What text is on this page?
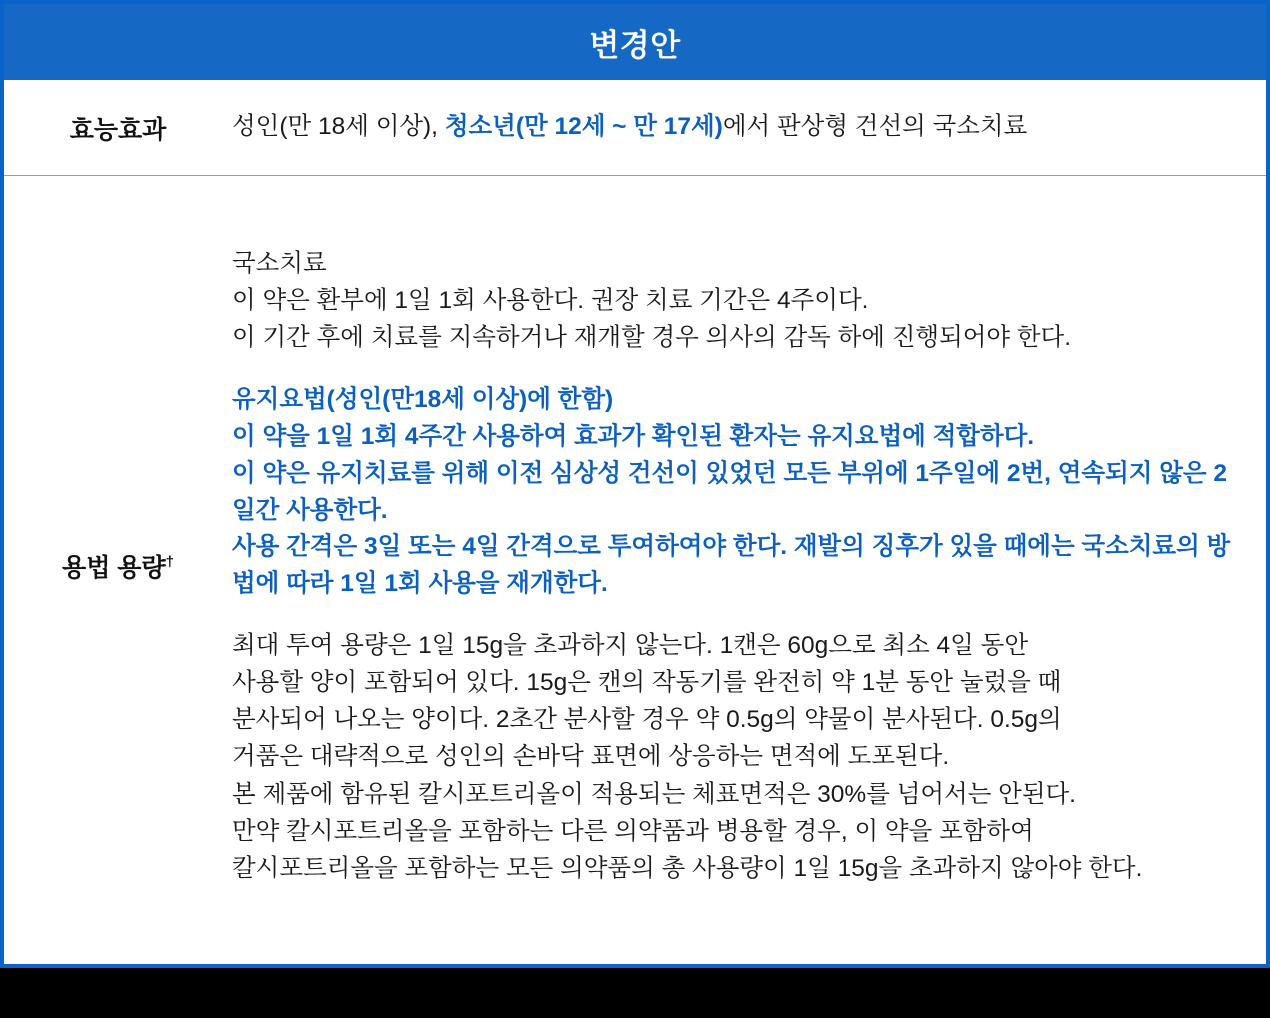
변경안
효능효과	성인(만 18세 이상), 청소년(만 12세 ~ 만 17세)에서 판상형 건선의 국소치료
용법 용량†
국소치료
이 약은 환부에 1일 1회 사용한다. 권장 치료 기간은 4주이다.
이 기간 후에 치료를 지속하거나 재개할 경우 의사의 감독 하에 진행되어야 한다.
유지요법(성인(만18세 이상)에 한함)
이 약을 1일 1회 4주간 사용하여 효과가 확인된 환자는 유지요법에 적합하다.
이 약은 유지치료를 위해 이전 심상성 건선이 있었던 모든 부위에 1주일에 2번, 연속되지 않은 2일간 사용한다.
사용 간격은 3일 또는 4일 간격으로 투여하여야 한다. 재발의 징후가 있을 때에는 국소치료의 방법에 따라 1일 1회 사용을 재개한다.
최대 투여 용량은 1일 15g을 초과하지 않는다. 1캔은 60g으로 최소 4일 동안
사용할 양이 포함되어 있다. 15g은 캔의 작동기를 완전히 약 1분 동안 눌렀을 때
분사되어 나오는 양이다. 2초간 분사할 경우 약 0.5g의 약물이 분사된다. 0.5g의
거품은 대략적으로 성인의 손바닥 표면에 상응하는 면적에 도포된다.
본 제품에 함유된 칼시포트리올이 적용되는 체표면적은 30%를 넘어서는 안된다.
만약 칼시포트리올을 포함하는 다른 의약품과 병용할 경우, 이 약을 포함하여
칼시포트리올을 포함하는 모든 의약품의 총 사용량이 1일 15g을 초과하지 않아야 한다.
